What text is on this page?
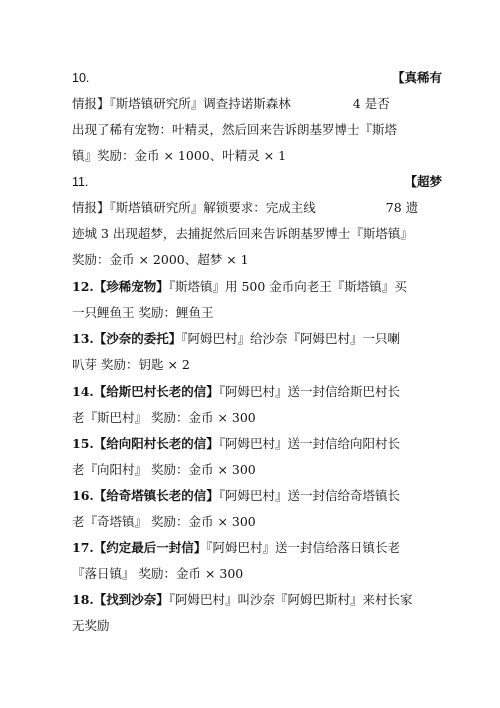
10.	【真稀有
情报】『斯塔镇研究所』调查持诺斯森林	4 是否
出现了稀有宠物：叶精灵，然后回来告诉朗基罗博士『斯塔
镇』奖励：金币 × 1000、叶精灵 × 1
11.	【超梦
情报】『斯塔镇研究所』解锁要求：完成主线	78 遗
迹城 3 出现超梦，去捕捉然后回来告诉朗基罗博士『斯塔镇』
奖励：金币 × 2000、超梦 × 1
12.【珍稀宠物】『斯塔镇』用 500 金币向老王『斯塔镇』买
一只鲤鱼王 奖励：鲤鱼王
13.【沙奈的委托】『阿姆巴村』给沙奈『阿姆巴村』一只喇
叭芽 奖励：钥匙 × 2
14.【给斯巴村长老的信】『阿姆巴村』送一封信给斯巴村长
老『斯巴村』 奖励：金币 × 300
15.【给向阳村长老的信】『阿姆巴村』送一封信给向阳村长
老『向阳村』 奖励：金币 × 300
16.【给奇塔镇长老的信】『阿姆巴村』送一封信给奇塔镇长
老『奇塔镇』 奖励：金币 × 300
17.【约定最后一封信】『阿姆巴村』送一封信给落日镇长老
『落日镇』 奖励：金币 × 300
18.【找到沙奈】『阿姆巴村』叫沙奈『阿姆巴斯村』来村长家
无奖励
